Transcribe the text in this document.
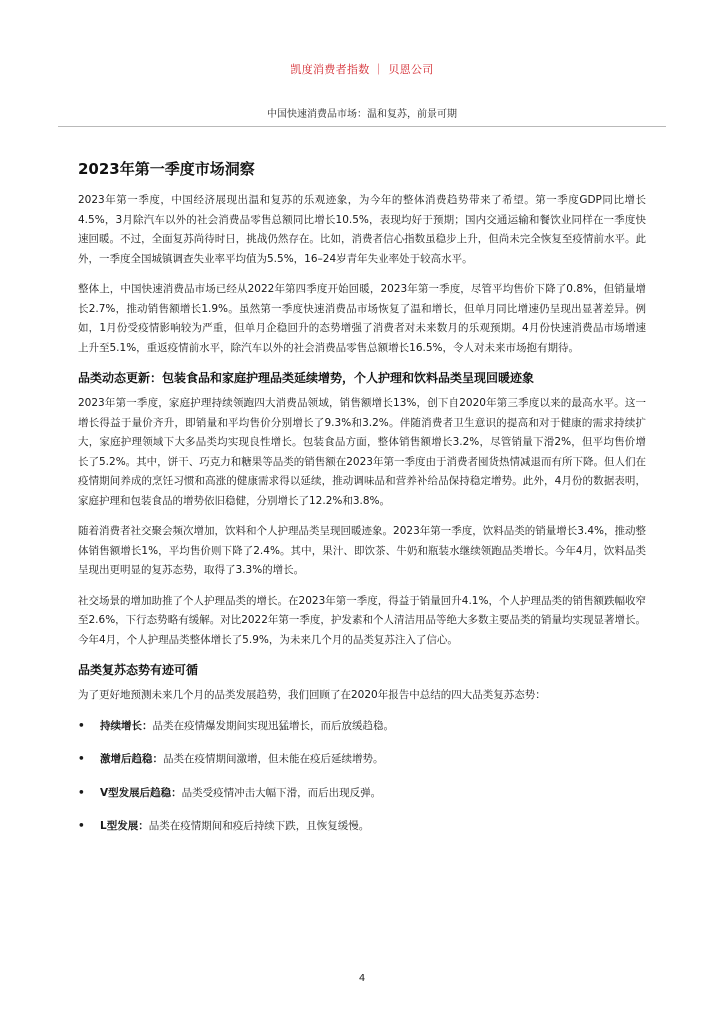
凯度消费者指数 ｜ 贝恩公司
中国快速消费品市场：温和复苏，前景可期
2023年第一季度市场洞察

2023年第一季度，中国经济展现出温和复苏的乐观迹象，为今年的整体消费趋势带来了希望。第一季度GDP同比增长4.5%，3月除汽车以外的社会消费品零售总额同比增长10.5%，表现均好于预期；国内交通运输和餐饮业同样在一季度快速回暖。不过，全面复苏尚待时日，挑战仍然存在。比如，消费者信心指数虽稳步上升，但尚未完全恢复至疫情前水平。此外，一季度全国城镇调查失业率平均值为5.5%，16–24岁青年失业率处于较高水平。

整体上，中国快速消费品市场已经从2022年第四季度开始回暖，2023年第一季度，尽管平均售价下降了0.8%，但销量增长2.7%，推动销售额增长1.9%。虽然第一季度快速消费品市场恢复了温和增长，但单月同比增速仍呈现出显著差异。例如，1月份受疫情影响较为严重，但单月企稳回升的态势增强了消费者对未来数月的乐观预期。4月份快速消费品市场增速上升至5.1%，重返疫情前水平，除汽车以外的社会消费品零售总额增长16.5%，令人对未来市场抱有期待。

品类动态更新：包装食品和家庭护理品类延续增势，个人护理和饮料品类呈现回暖迹象

2023年第一季度，家庭护理持续领跑四大消费品领域，销售额增长13%，创下自2020年第三季度以来的最高水平。这一增长得益于量价齐升，即销量和平均售价分别增长了9.3%和3.2%。伴随消费者卫生意识的提高和对于健康的需求持续扩大，家庭护理领域下大多品类均实现良性增长。包装食品方面，整体销售额增长3.2%，尽管销量下滑2%，但平均售价增长了5.2%。其中，饼干、巧克力和糖果等品类的销售额在2023年第一季度由于消费者囤货热情减退而有所下降。但人们在疫情期间养成的烹饪习惯和高涨的健康需求得以延续，推动调味品和营养补给品保持稳定增势。此外，4月份的数据表明，家庭护理和包装食品的增势依旧稳健，分别增长了12.2%和3.8%。

随着消费者社交聚会频次增加，饮料和个人护理品类呈现回暖迹象。2023年第一季度，饮料品类的销量增长3.4%，推动整体销售额增长1%，平均售价则下降了2.4%。其中，果汁、即饮茶、牛奶和瓶装水继续领跑品类增长。今年4月，饮料品类呈现出更明显的复苏态势，取得了3.3%的增长。

社交场景的增加助推了个人护理品类的增长。在2023年第一季度，得益于销量回升4.1%，个人护理品类的销售额跌幅收窄至2.6%，下行态势略有缓解。对比2022年第一季度，护发素和个人清洁用品等绝大多数主要品类的销量均实现显著增长。今年4月，个人护理品类整体增长了5.9%，为未来几个月的品类复苏注入了信心。

品类复苏态势有迹可循

为了更好地预测未来几个月的品类发展趋势，我们回顾了在2020年报告中总结的四大品类复苏态势：

• 持续增长：品类在疫情爆发期间实现迅猛增长，而后放缓趋稳。
• 激增后趋稳：品类在疫情期间激增，但未能在疫后延续增势。
• V型发展后趋稳：品类受疫情冲击大幅下滑，而后出现反弹。
• L型发展：品类在疫情期间和疫后持续下跌，且恢复缓慢。
4
